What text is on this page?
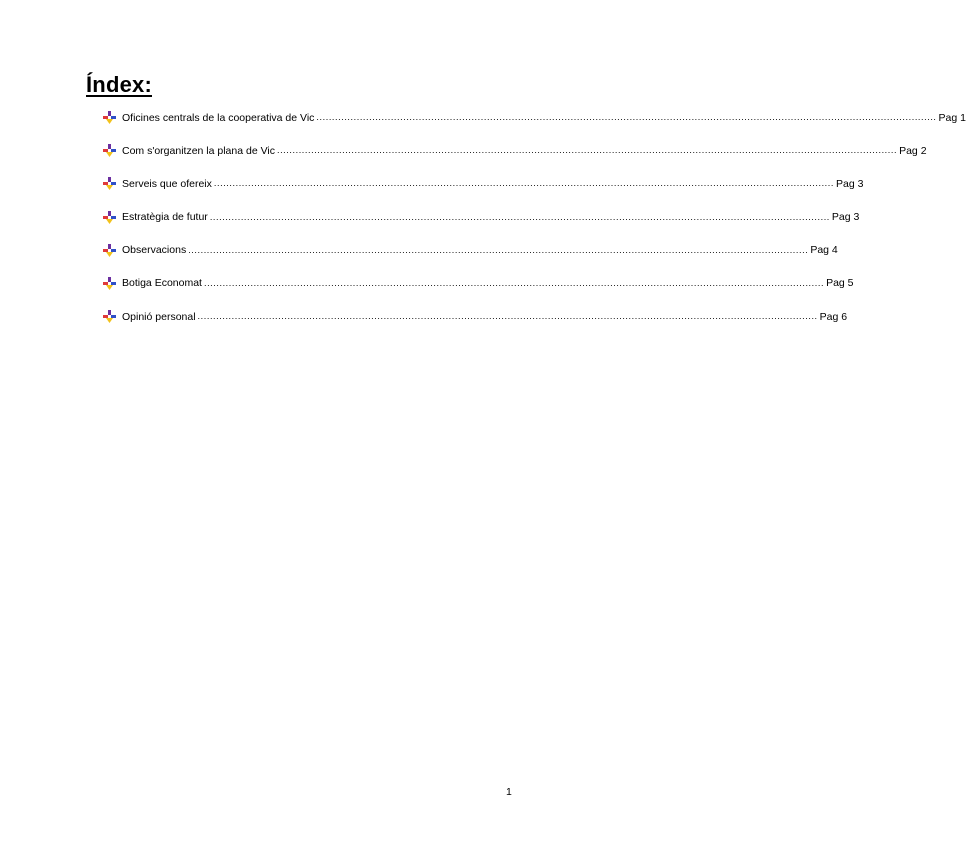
Índex:
Oficines centrals de la cooperativa de Vic ........................................................................................................................................................................................................ Pag 1
Com s'organitzen la plana de Vic ........................................................................................................................................................................................................ Pag 2
Serveis que ofereix ........................................................................................................................................................................................................ Pag 3
Estratègia de futur ........................................................................................................................................................................................................ Pag 3
Observacions ........................................................................................................................................................................................................ Pag 4
Botiga Economat ........................................................................................................................................................................................................ Pag 5
Opinió personal ........................................................................................................................................................................................................ Pag 6
1
